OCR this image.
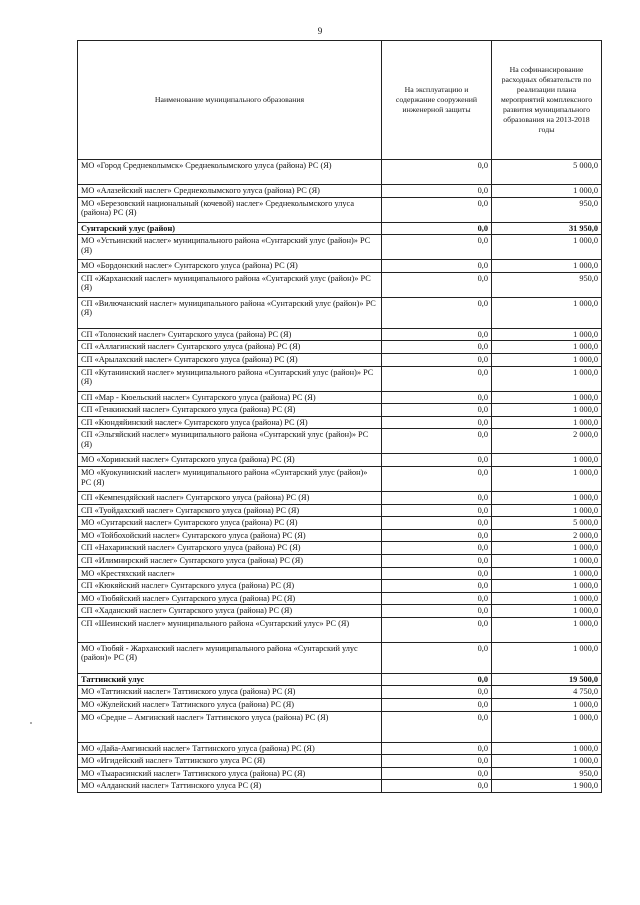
9
Наименование муниципального образования	На эксплуатацию и содержание сооружений инженерной защиты	На софинансирование расходных обязательств по реализации плана мероприятий комплексного развития муниципального образования на 2013-2018 годы
МО «Город Среднеколымск» Среднеколымского улуса (района) РС (Я)	0,0	5 000,0
МО «Алазейский наслег» Среднеколымского улуса (района) РС (Я)	0,0	1 000,0
МО «Березовский национальный (кочевой) наслег» Среднеколымского улуса (района) РС (Я)	0,0	950,0
Сунтарский улус (район)	0,0	31 950,0
МО «Устьинский наслег» муниципального района «Сунтарский улус (район)» РС (Я)	0,0	1 000,0
МО «Бордонский наслег» Сунтарского улуса (района) РС (Я)	0,0	1 000,0
СП «Жарханский наслег» муниципального района «Сунтарский улус (район)» РС (Я)	0,0	950,0
СП «Вилючанский наслег» муниципального района «Сунтарский улус (район)» РС (Я)	0,0	1 000,0
СП «Толонский наслег» Сунтарского улуса (района) РС (Я)	0,0	1 000,0
СП «Аллагинский наслег» Сунтарского улуса (района) РС (Я)	0,0	1 000,0
СП «Арылахский наслег» Сунтарского улуса (района) РС (Я)	0,0	1 000,0
СП «Кутанинский наслег» муниципального района «Сунтарский улус (район)» РС (Я)	0,0	1 000,0
СП «Мар - Кюельский наслег» Сунтарского улуса (района) РС (Я)	0,0	1 000,0
СП «Генкинский наслег» Сунтарского улуса (района) РС (Я)	0,0	1 000,0
СП «Кюндяйинский наслег» Сунтарского улуса (района) РС (Я)	0,0	1 000,0
СП «Эльгяйский наслег» муниципального района «Сунтарский улус (район)» РС (Я)	0,0	2 000,0
МО «Хоринский наслег» Сунтарского улуса (района) РС (Я)	0,0	1 000,0
МО «Куокунинский наслег» муниципального района «Сунтарский улус (район)» РС (Я)	0,0	1 000,0
СП «Кемпендяйский наслег» Сунтарского улуса (района) РС (Я)	0,0	1 000,0
СП «Туойдахский наслег» Сунтарского улуса (района) РС (Я)	0,0	1 000,0
МО «Сунтарский наслег» Сунтарского улуса (района) РС (Я)	0,0	5 000,0
МО «Тойбохойский наслег» Сунтарского улуса (района) РС (Я)	0,0	2 000,0
СП «Нахаринский наслег» Сунтарского улуса (района) РС (Я)	0,0	1 000,0
СП «Илимнирский наслег» Сунтарского улуса (района) РС (Я)	0,0	1 000,0
МО «Крестяхский наслег»	0,0	1 000,0
СП «Кюкяйский наслег» Сунтарского улуса (района) РС (Я)	0,0	1 000,0
МО «Тюбяйский наслег» Сунтарского улуса (района) РС (Я)	0,0	1 000,0
СП «Хаданский наслег» Сунтарского улуса (района) РС (Я)	0,0	1 000,0
СП «Шеинский наслег» муниципального района «Сунтарский улус» РС (Я)	0,0	1 000,0
МО «Тюбяй - Жарханский наслег» муниципального района «Сунтарский улус (район)» РС (Я)	0,0	1 000,0
Таттинский улус	0,0	19 500,0
МО «Таттинский наслег» Таттинского улуса (района) РС (Я)	0,0	4 750,0
МО «Жулейский наслег» Таттинского улуса (района) РС (Я)	0,0	1 000,0
МО «Средне – Амгинский наслег» Таттинского улуса (района) РС (Я)	0,0	1 000,0
МО «Дайа-Амгинский наслег» Таттинского улуса (района) РС (Я)	0,0	1 000,0
МО «Игидейский наслег» Таттинского улуса РС (Я)	0,0	1 000,0
МО «Тыарасинский наслег» Таттинского улуса (района) РС (Я)	0,0	950,0
МО «Алданский наслег» Таттинского улуса РС (Я)	0,0	1 900,0
